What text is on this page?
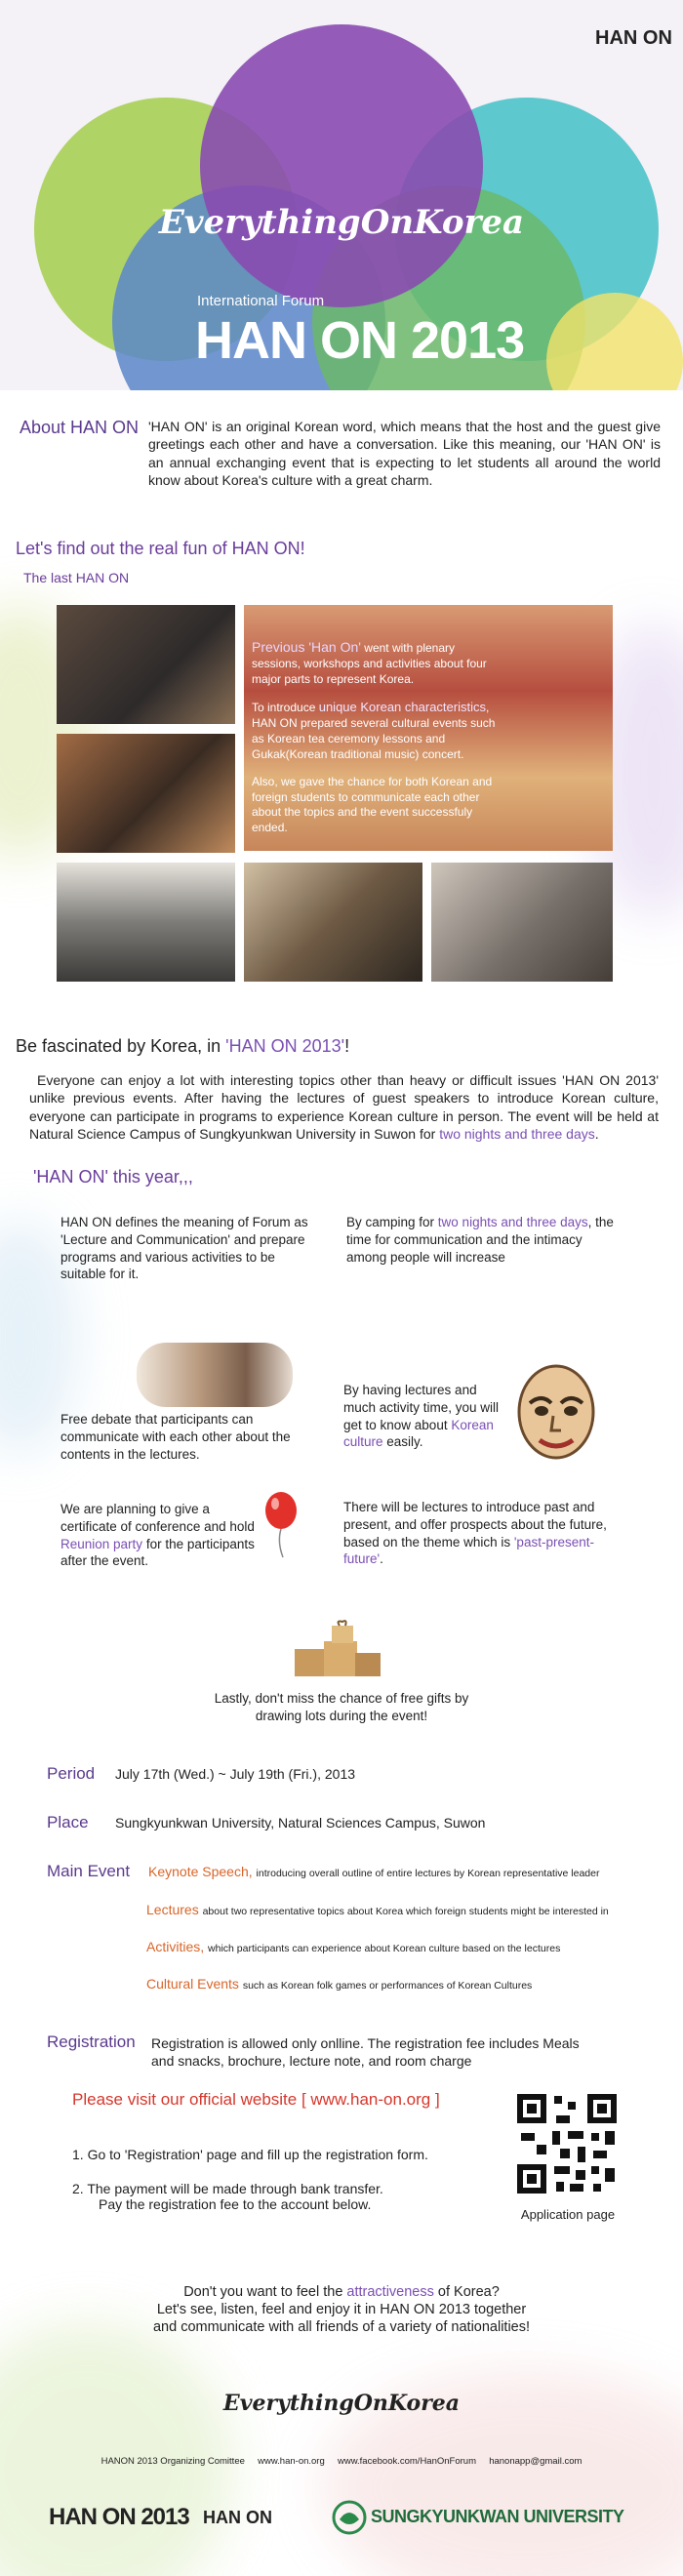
HAN ON
EverythingOnKorea
International Forum
HAN ON 2013
About HAN ON 'HAN ON' is an original Korean word, which means that the host and the guest give greetings each other and have a conversation. Like this meaning, our 'HAN ON' is an annual exchanging event that is expecting to let students all around the world know about Korea's culture with a great charm.

Let's find out the real fun of HAN ON!
The last HAN ON

Previous 'Han On' went with plenary sessions, workshops and activities about four major parts to represent Korea.

To introduce unique Korean characteristics, HAN ON prepared several cultural events such as Korean tea ceremony lessons and Gukak(Korean traditional music) concert.

Also, we gave the chance for both Korean and foreign students to communicate each other about the topics and the event successfuly ended.

Be fascinated by Korea, in 'HAN ON 2013'!

Everyone can enjoy a lot with interesting topics other than heavy or difficult issues 'HAN ON 2013' unlike previous events. After having the lectures of guest speakers to introduce Korean culture, everyone can participate in programs to experience Korean culture in person. The event will be held at Natural Science Campus of Sungkyunkwan University in Suwon for two nights and three days.

'HAN ON' this year,,,

HAN ON defines the meaning of Forum as 'Lecture and Communication' and prepare programs and various activities to be suitable for it.

By camping for two nights and three days, the time for communication and the intimacy among people will increase

Free debate that participants can communicate with each other about the contents in the lectures.

By having lectures and much activity time, you will get to know about Korean culture easily.

We are planning to give a certificate of conference and hold Reunion party for the participants after the event.

There will be lectures to introduce past and present, and offer prospects about the future, based on the theme which is 'past-present-future'.

Lastly, don't miss the chance of free gifts by drawing lots during the event!

Period July 17th (Wed.) ~ July 19th (Fri.), 2013
Place Sungkyunkwan University, Natural Sciences Campus, Suwon
Main Event Keynote Speech, introducing overall outline of entire lectures by Korean representative leader
Lectures about two representative topics about Korea which foreign students might be interested in
Activities, which participants can experience about Korean culture based on the lectures
Cultural Events such as Korean folk games or performances of Korean Cultures
Registration Registration is allowed only onlline. The registration fee includes Meals and snacks, brochure, lecture note, and room charge

Please visit our official website [ www.han-on.org ]
1. Go to 'Registration' page and fill up the registration form.
2. The payment will be made through bank transfer.
Pay the registration fee to the account below.
Application page
Don't you want to feel the attractiveness of Korea?
Let's see, listen, feel and enjoy it in HAN ON 2013 together
and communicate with all friends of a variety of nationalities!
EverythingOnKorea
HANON 2013 Organizing Comittee www.han-on.org www.facebook.com/HanOnForum hanonapp@gmail.com
HAN ON 2013 HAN ON	SUNGKYUNKWAN UNIVERSITY
